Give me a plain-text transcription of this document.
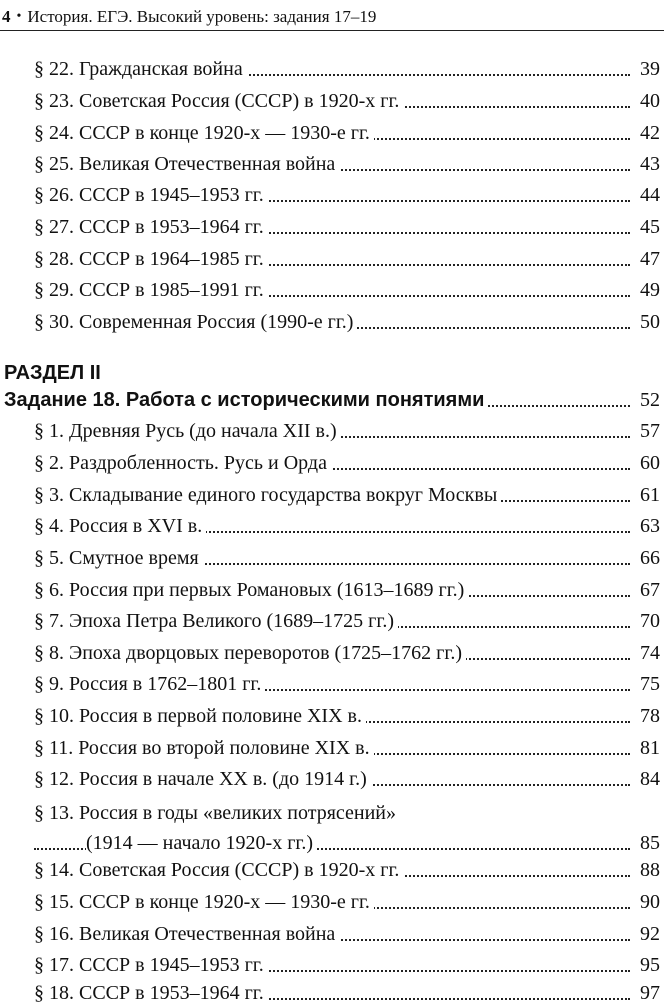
4 • История. ЕГЭ. Высокий уровень: задания 17–19
§ 22. Гражданская война	39
§ 23. Советская Россия (СССР) в 1920-х гг.	40
§ 24. СССР в конце 1920-х — 1930-е гг.	42
§ 25. Великая Отечественная война	43
§ 26. СССР в 1945–1953 гг.	44
§ 27. СССР в 1953–1964 гг.	45
§ 28. СССР в 1964–1985 гг.	47
§ 29. СССР в 1985–1991 гг.	49
§ 30. Современная Россия (1990-е гг.)	50
РАЗДЕЛ II
Задание 18. Работа с историческими понятиями	52
§ 1. Древняя Русь (до начала XII в.)	57
§ 2. Раздробленность. Русь и Орда	60
§ 3. Складывание единого государства вокруг Москвы	61
§ 4. Россия в XVI в.	63
§ 5. Смутное время	66
§ 6. Россия при первых Романовых (1613–1689 гг.)	67
§ 7. Эпоха Петра Великого (1689–1725 гг.)	70
§ 8. Эпоха дворцовых переворотов (1725–1762 гг.)	74
§ 9. Россия в 1762–1801 гг.	75
§ 10. Россия в первой половине XIX в.	78
§ 11. Россия во второй половине XIX в.	81
§ 12. Россия в начале XX в. (до 1914 г.)	84
§ 13. Россия в годы «великих потрясений»
(1914 — начало 1920-х гг.)	85
§ 14. Советская Россия (СССР) в 1920-х гг.	88
§ 15. СССР в конце 1920-х — 1930-е гг.	90
§ 16. Великая Отечественная война	92
§ 17. СССР в 1945–1953 гг.	95
§ 18. СССР в 1953–1964 гг.	97
